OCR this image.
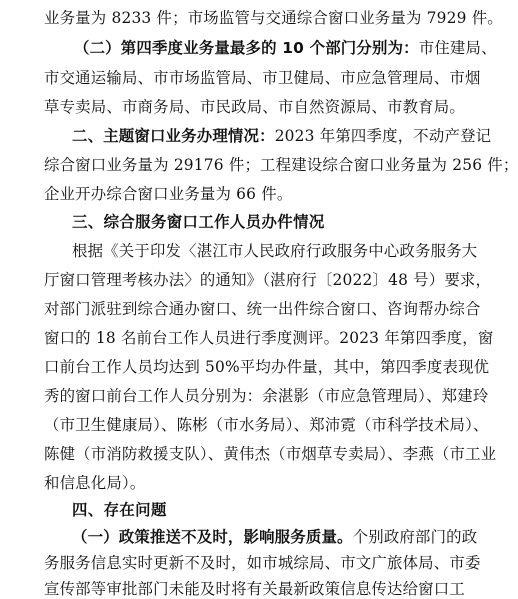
业务量为 8233 件；市场监管与交通综合窗口业务量为 7929 件。
（二）第四季度业务量最多的 10 个部门分别为：市住建局、
市交通运输局、市市场监管局、市卫健局、市应急管理局、市烟
草专卖局、市商务局、市民政局、市自然资源局、市教育局。
二、主题窗口业务办理情况：2023 年第四季度，不动产登记
综合窗口业务量为 29176 件；工程建设综合窗口业务量为 256 件；
企业开办综合窗口业务量为 66 件。
三、综合服务窗口工作人员办件情况
根据《关于印发〈湛江市人民政府行政服务中心政务服务大
厅窗口管理考核办法〉的通知》（湛府行〔2022〕48 号）要求，
对部门派驻到综合通办窗口、统一出件综合窗口、咨询帮办综合
窗口的 18 名前台工作人员进行季度测评。2023 年第四季度，窗
口前台工作人员均达到 50%平均办件量，其中，第四季度表现优
秀的窗口前台工作人员分别为：余湛影（市应急管理局）、郑建玲
（市卫生健康局）、陈彬（市水务局）、郑沛霓（市科学技术局）、
陈健（市消防救援支队）、黄伟杰（市烟草专卖局）、李燕（市工业
和信息化局）。
四、存在问题
（一）政策推送不及时，影响服务质量。个别政府部门的政
务服务信息实时更新不及时，如市城综局、市文广旅体局、市委
宣传部等审批部门未能及时将有关最新政策信息传达给窗口工
